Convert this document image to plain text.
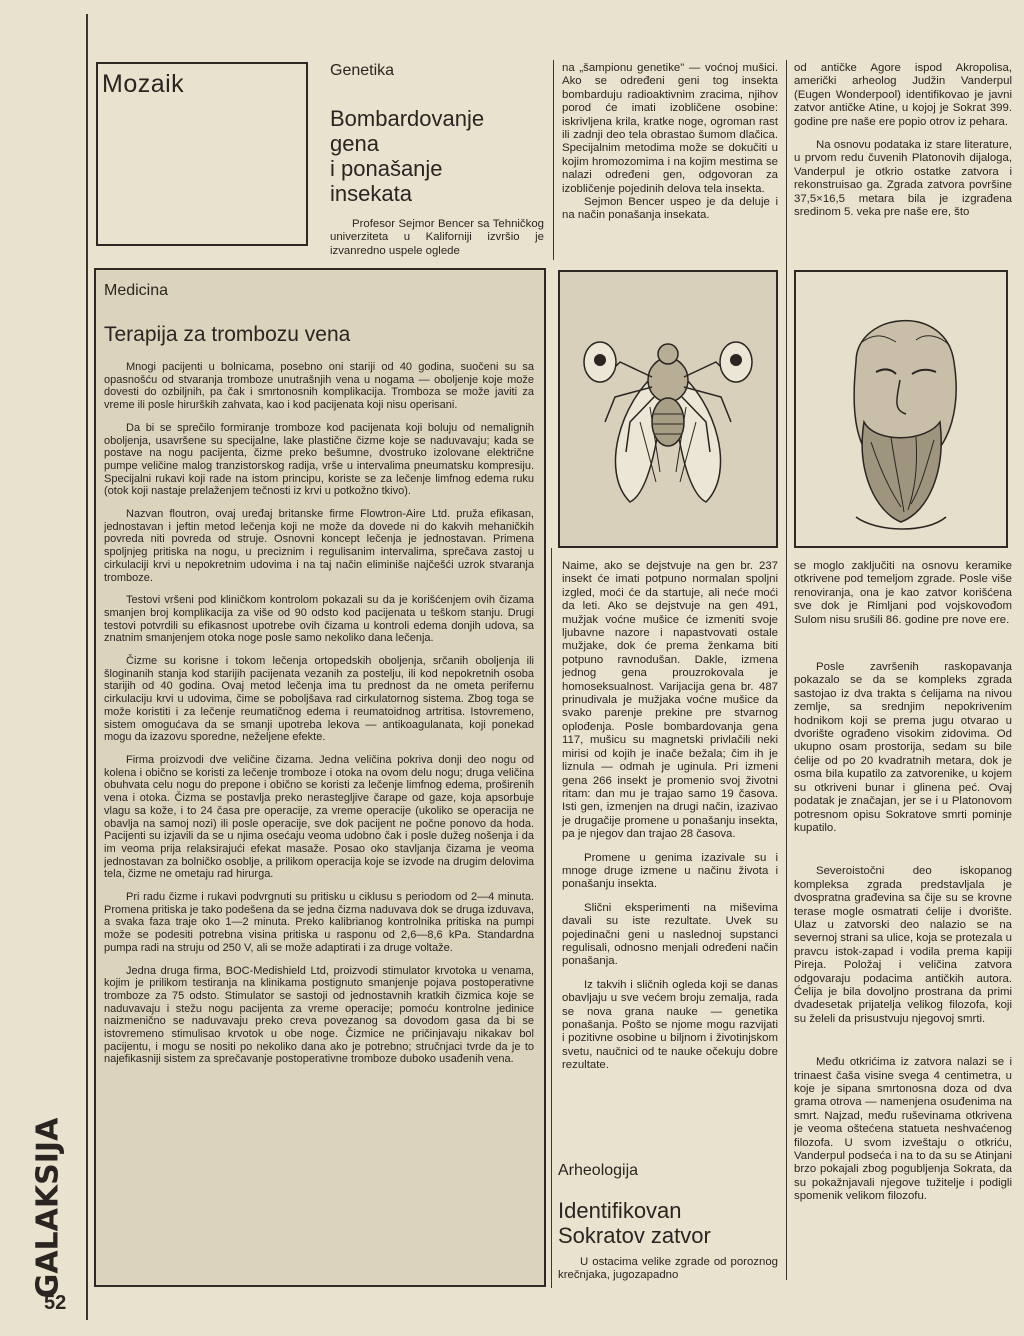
Mozaik	Genetika
Bombardovanje
gena
i ponašanje
insekata

Profesor Sejmor Bencer sa Tehničkog univerziteta u Kaliforniji izvršio je izvanredno uspele oglede

na „šampionu genetike" — voćnoj mušici. Ako se određeni geni tog insekta bombarduju radioaktivnim zracima, njihov porod će imati izobličene osobine: iskrivljena krila, kratke noge, ogroman rast ili zadnji deo tela obrastao šumom dlačica. Specijalnim metodima može se dokučiti u kojim hromozomima i na kojim mestima se nalazi određeni gen, odgovoran za izobličenje pojedinih delova tela insekta.

Sejmon Bencer uspeo je da deluje i na način ponašanja insekata.

od antičke Agore ispod Akropolisa, američki arheolog Judžin Vanderpul (Eugen Wonderpool) identifikovao je javni zatvor antičke Atine, u kojoj je Sokrat 399. godine pre naše ere popio otrov iz pehara.

Na osnovu podataka iz stare literature, u prvom redu čuvenih Platonovih dijaloga, Vanderpul je otkrio ostatke zatvora i rekonstruisao ga. Zgrada zatvora površine 37,5×16,5 metara bila je izgrađena sredinom 5. veka pre naše ere, što

Medicina
Terapija za trombozu vena

Mnogi pacijenti u bolnicama, posebno oni stariji od 40 godina, suočeni su sa opasnošću od stvaranja tromboze unutrašnjih vena u nogama — oboljenje koje može dovesti do ozbiljnih, pa čak i smrtonosnih komplikacija. Tromboza se može javiti za vreme ili posle hirurških zahvata, kao i kod pacijenata koji nisu operisani.

Da bi se sprečilo formiranje tromboze kod pacijenata koji boluju od nemalignih oboljenja, usavršene su specijalne, lake plastične čizme koje se naduvavaju; kada se postave na nogu pacijenta, čizme preko bešumne, dvostruko izolovane električne pumpe veličine malog tranzistorskog radija, vrše u intervalima pneumatsku kompresiju. Specijalni rukavi koji rade na istom principu, koriste se za lečenje limfnog edema ruku (otok koji nastaje prelaženjem tečnosti iz krvi u potkožno tkivo).

Nazvan floutron, ovaj uređaj britanske firme Flowtron-Aire Ltd. pruža efikasan, jednostavan i jeftin metod lečenja koji ne može da dovede ni do kakvih mehaničkih povreda niti povreda od struje. Osnovni koncept lečenja je jednostavan. Primena spoljnjeg pritiska na nogu, u preciznim i regulisanim intervalima, sprečava zastoj u cirkulaciji krvi u nepokretnim udovima i na taj način eliminiše najčešći uzrok stvaranja tromboze.

Testovi vršeni pod kliničkom kontrolom pokazali su da je korišćenjem ovih čizama smanjen broj komplikacija za više od 90 odsto kod pacijenata u teškom stanju. Drugi testovi potvrdili su efikasnost upotrebe ovih čizama u kontroli edema donjih udova, sa znatnim smanjenjem otoka noge posle samo nekoliko dana lečenja.

Čizme su korisne i tokom lečenja ortopedskih oboljenja, srčanih oboljenja ili šloginanih stanja kod starijih pacijenata vezanih za postelju, ili kod nepokretnih osoba starijih od 40 godina. Ovaj metod lečenja ima tu prednost da ne ometa perifernu cirkulaciju krvi u udovima, čime se poboljšava rad cirkulatornog sistema. Zbog toga se može koristiti i za lečenje reumatičnog edema i reumatoidnog artritisa. Istovremeno, sistem omogućava da se smanji upotreba lekova — antikoagulanata, koji ponekad mogu da izazovu sporedne, neželjene efekte.

Firma proizvodi dve veličine čizama. Jedna veličina pokriva donji deo nogu od kolena i obično se koristi za lečenje tromboze i otoka na ovom delu nogu; druga veličina obuhvata celu nogu do prepone i obično se koristi za lečenje limfnog edema, proširenih vena i otoka. Čizma se postavlja preko nerastegljive čarape od gaze, koja apsorbuje vlagu sa kože, i to 24 časa pre operacije, za vreme operacije (ukoliko se operacija ne obavlja na samoj nozi) ili posle operacije, sve dok pacijent ne počne ponovo da hoda. Pacijenti su izjavili da se u njima osećaju veoma udobno čak i posle dužeg nošenja i da im veoma prija relaksirajući efekat masaže. Posao oko stavljanja čizama je veoma jednostavan za bolničko osoblje, a prilikom operacija koje se izvode na drugim delovima tela, čizme ne ometaju rad hirurga.

Pri radu čizme i rukavi podvrgnuti su pritisku u ciklusu s periodom od 2—4 minuta. Promena pritiska je tako podešena da se jedna čizma naduvava dok se druga izduvava, a svaka faza traje oko 1—2 minuta. Preko kalibrianog kontrolnika pritiska na pumpi može se podesiti potrebna visina pritiska u rasponu od 2,6—8,6 kPa. Standardna pumpa radi na struju od 250 V, ali se može adaptirati i za druge voltaže.

Jedna druga firma, BOC-Medishield Ltd, proizvodi stimulator krvotoka u venama, kojim je prilikom testiranja na klinikama postignuto smanjenje pojava postoperativne tromboze za 75 odsto. Stimulator se sastoji od jednostavnih kratkih čizmica koje se naduvavaju i stežu nogu pacijenta za vreme operacije; pomoću kontrolne jedinice naizmenično se naduvavaju preko creva povezanog sa dovodom gasa da bi se istovremeno stimulisao krvotok u obe noge. Čizmice ne pričinjavaju nikakav bol pacijentu, i mogu se nositi po nekoliko dana ako je potrebno; stručnjaci tvrde da je to najefikasniji sistem za sprečavanje postoperativne tromboze duboko usađenih vena.

Naime, ako se dejstvuje na gen br. 237 insekt će imati potpuno normalan spoljni izgled, moći će da startuje, ali neće moći da leti. Ako se dejstvuje na gen 491, mužjak voćne mušice će izmeniti svoje ljubavne nazore i napastvovati ostale mužjake, dok će prema ženkama biti potpuno ravnodušan. Dakle, izmena jednog gena prouzrokovala je homoseksualnost. Varijacija gena br. 487 prinudivala je mužjaka voćne mušice da svako parenje prekine pre stvarnog oplođenja. Posle bombardovanja gena 117, mušicu su magnetski privlačili neki mirisi od kojih je inače bežala; čim ih je liznula — odmah je uginula. Pri izmeni gena 266 insekt je promenio svoj životni ritam: dan mu je trajao samo 19 časova. Isti gen, izmenjen na drugi način, izazivao je drugačije promene u ponašanju insekta, pa je njegov dan trajao 28 časova.

Promene u genima izazivale su i mnoge druge izmene u načinu života i ponašanju insekta.

Slični eksperimenti na miševima davali su iste rezultate. Uvek su pojedinačni geni u naslednoj supstanci regulisali, odnosno menjali određeni način ponašanja.

Iz takvih i sličnih ogleda koji se danas obavljaju u sve većem broju zemalja, rada se nova grana nauke — genetika ponašanja. Pošto se njome mogu razvijati i pozitivne osobine u biljnom i životinjskom svetu, naučnici od te nauke očekuju dobre rezultate.

Arheologija
Identifikovan
Sokratov zatvor

U ostacima velike zgrade od poroznog krečnjaka, jugozapadno

se moglo zaključiti na osnovu keramike otkrivene pod temeljom zgrade. Posle više renoviranja, ona je kao zatvor korišćena sve dok je Rimljani pod vojskovođom Sulom nisu srušili 86. godine pre nove ere.

Posle završenih raskopavanja pokazalo se da se kompleks zgrada sastojao iz dva trakta s ćelijama na nivou zemlje, sa srednjim nepokrivenim hodnikom koji se prema jugu otvarao u dvorište ograđeno visokim zidovima. Od ukupno osam prostorija, sedam su bile ćelije od po 20 kvadratnih metara, dok je osma bila kupatilo za zatvorenike, u kojem su otkriveni bunar i glinena peć. Ovaj podatak je značajan, jer se i u Platonovom potresnom opisu Sokratove smrti pominje kupatilo.

Severoistočni deo iskopanog kompleksa zgrada predstavljala je dvospratna građevina sa čije su se krovne terase mogle osmatrati ćelije i dvorište. Ulaz u zatvorski deo nalazio se na severnoj strani sa ulice, koja se protezala u pravcu istok-zapad i vodila prema kapiji Pireja. Položaj i veličina zatvora odgovaraju podacima antičkih autora. Ćelija je bila dovoljno prostrana da primi dvadesetak prijatelja velikog filozofa, koji su želeli da prisustvuju njegovoj smrti.

Među otkrićima iz zatvora nalazi se i trinaest čaša visine svega 4 centimetra, u koje je sipana smrtonosna doza od dva grama otrova — namenjena osuđenima na smrt. Najzad, među ruševinama otkrivena je veoma oštećena statueta neshvaćenog filozofa. U svom izveštaju o otkriću, Vanderpul podseća i na to da su se Atinjani brzo pokajali zbog pogubljenja Sokrata, da su pokažnjavali njegove tužitelje i podigli spomenik velikom filozofu.

GALAKSIJA
52
